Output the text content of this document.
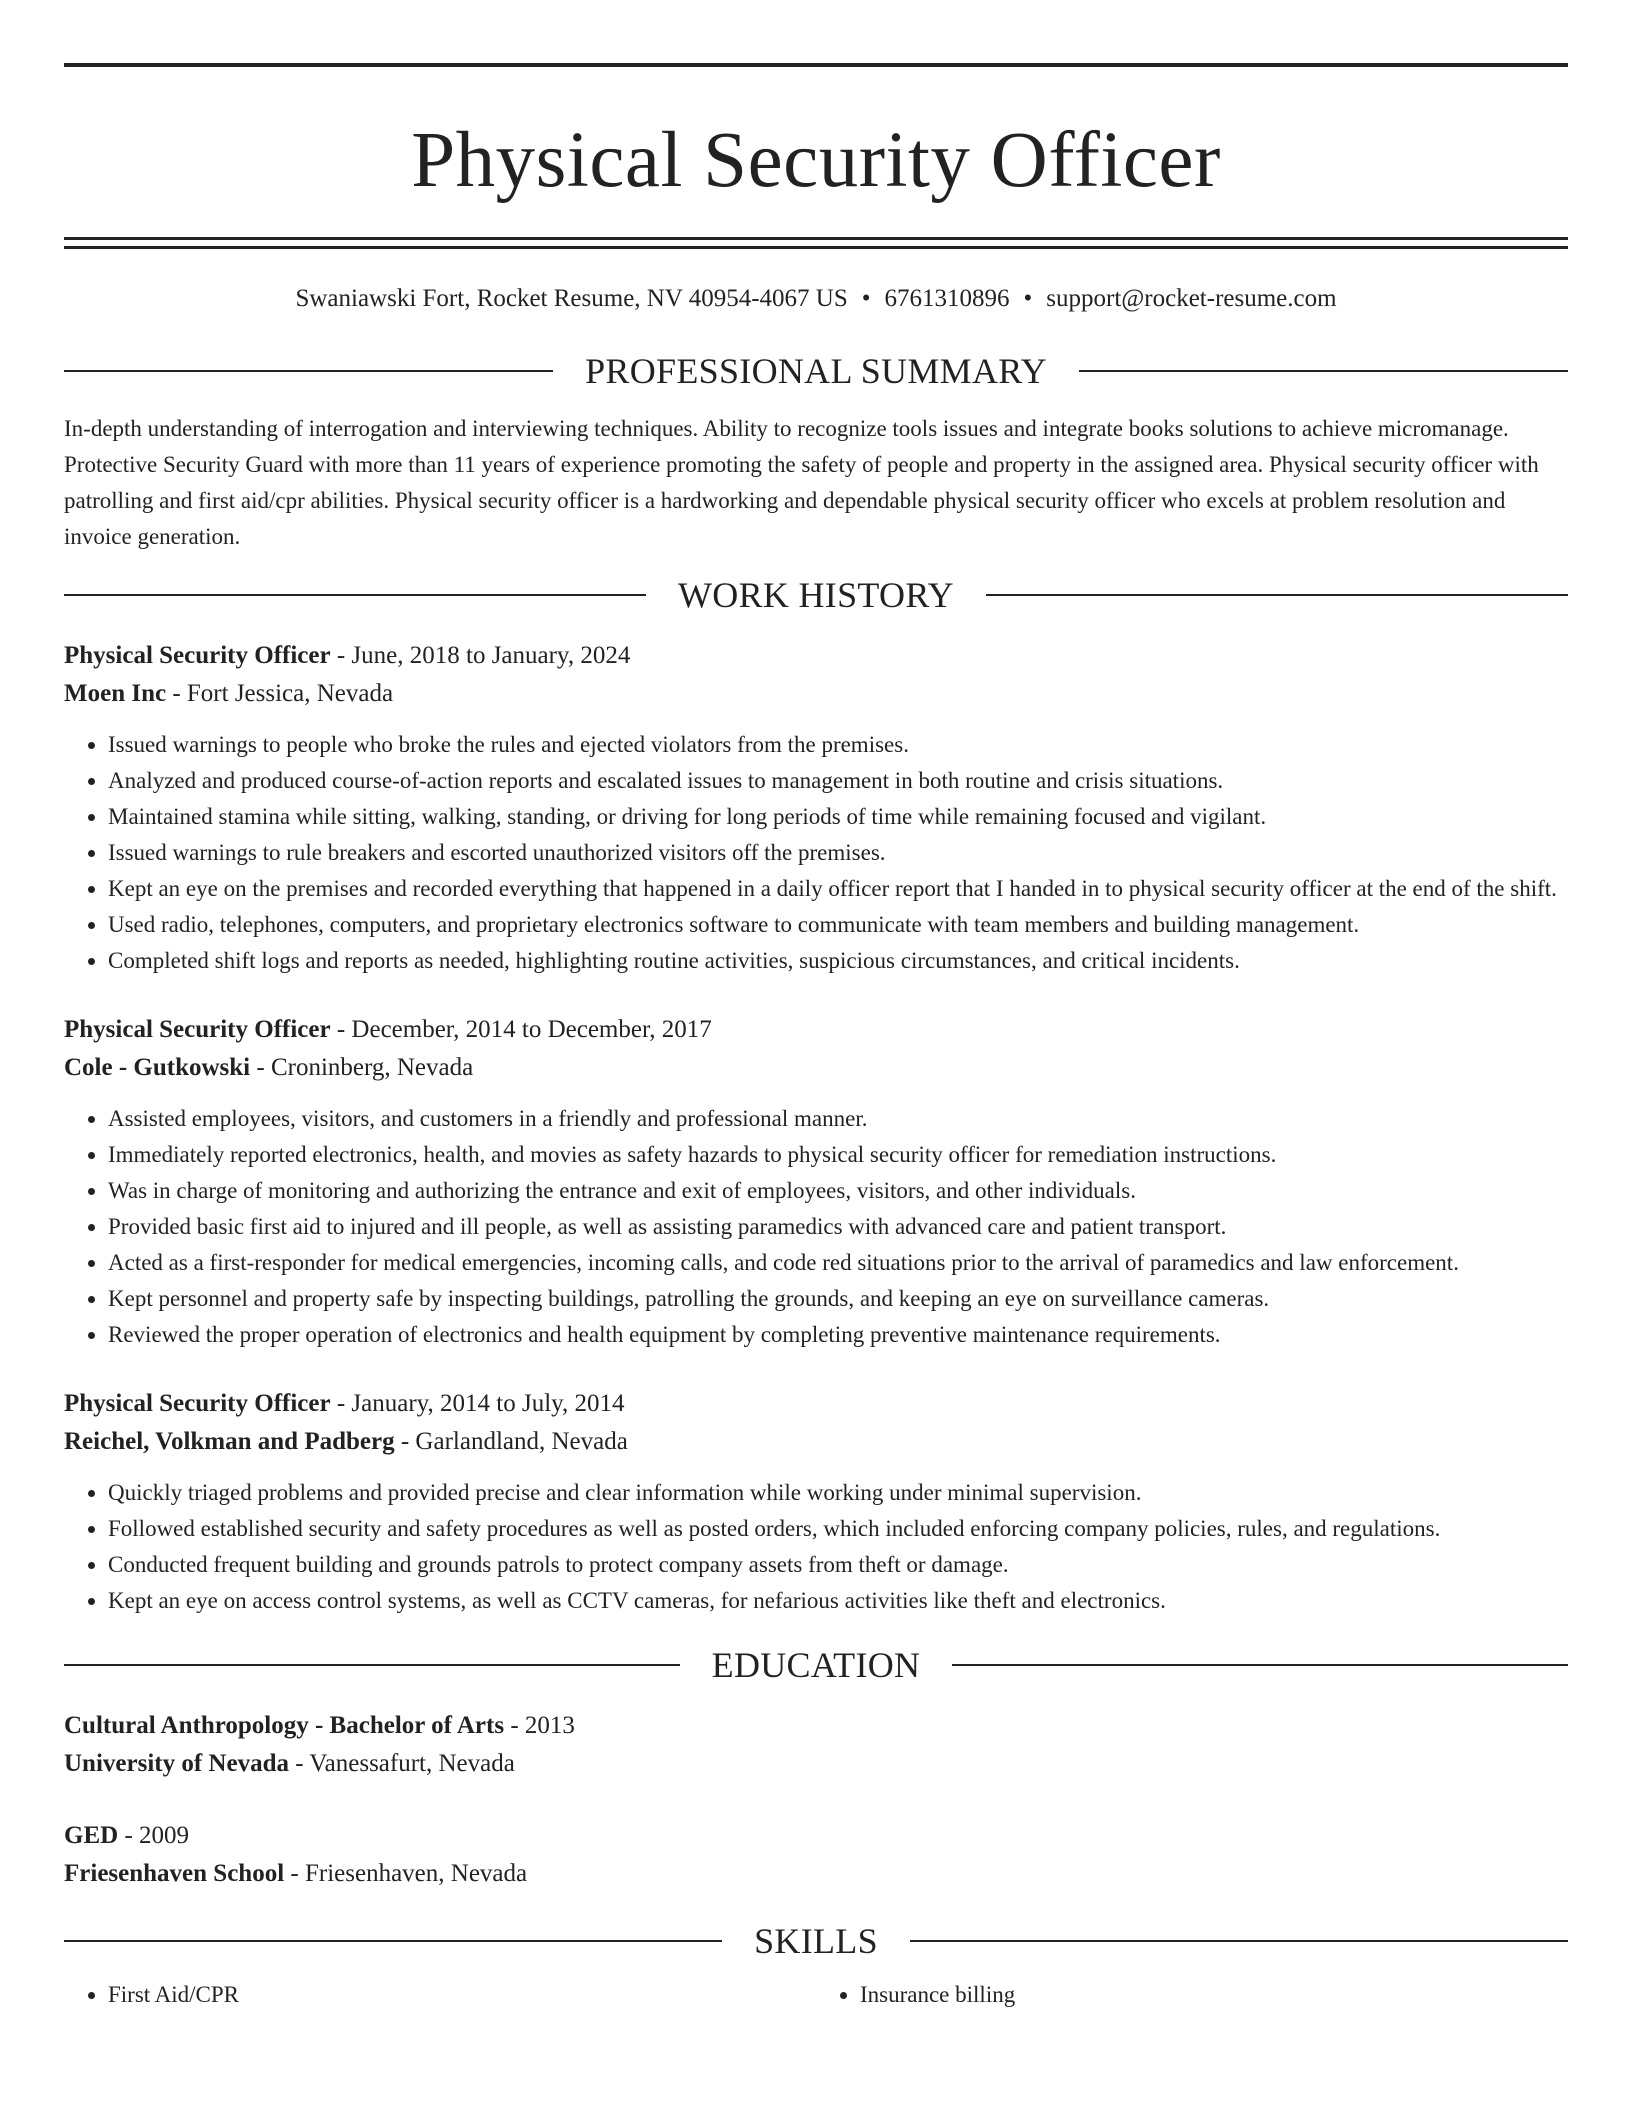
Physical Security Officer
Swaniawski Fort, Rocket Resume, NV 40954-4067 US • 6761310896 • support@rocket-resume.com
PROFESSIONAL SUMMARY
In-depth understanding of interrogation and interviewing techniques. Ability to recognize tools issues and integrate books solutions to achieve micromanage. Protective Security Guard with more than 11 years of experience promoting the safety of people and property in the assigned area. Physical security officer with patrolling and first aid/cpr abilities. Physical security officer is a hardworking and dependable physical security officer who excels at problem resolution and invoice generation.
WORK HISTORY
Physical Security Officer - June, 2018 to January, 2024
Moen Inc - Fort Jessica, Nevada
• Issued warnings to people who broke the rules and ejected violators from the premises.
• Analyzed and produced course-of-action reports and escalated issues to management in both routine and crisis situations.
• Maintained stamina while sitting, walking, standing, or driving for long periods of time while remaining focused and vigilant.
• Issued warnings to rule breakers and escorted unauthorized visitors off the premises.
• Kept an eye on the premises and recorded everything that happened in a daily officer report that I handed in to physical security officer at the end of the shift.
• Used radio, telephones, computers, and proprietary electronics software to communicate with team members and building management.
• Completed shift logs and reports as needed, highlighting routine activities, suspicious circumstances, and critical incidents.
Physical Security Officer - December, 2014 to December, 2017
Cole - Gutkowski - Croninberg, Nevada
• Assisted employees, visitors, and customers in a friendly and professional manner.
• Immediately reported electronics, health, and movies as safety hazards to physical security officer for remediation instructions.
• Was in charge of monitoring and authorizing the entrance and exit of employees, visitors, and other individuals.
• Provided basic first aid to injured and ill people, as well as assisting paramedics with advanced care and patient transport.
• Acted as a first-responder for medical emergencies, incoming calls, and code red situations prior to the arrival of paramedics and law enforcement.
• Kept personnel and property safe by inspecting buildings, patrolling the grounds, and keeping an eye on surveillance cameras.
• Reviewed the proper operation of electronics and health equipment by completing preventive maintenance requirements.
Physical Security Officer - January, 2014 to July, 2014
Reichel, Volkman and Padberg - Garlandland, Nevada
• Quickly triaged problems and provided precise and clear information while working under minimal supervision.
• Followed established security and safety procedures as well as posted orders, which included enforcing company policies, rules, and regulations.
• Conducted frequent building and grounds patrols to protect company assets from theft or damage.
• Kept an eye on access control systems, as well as CCTV cameras, for nefarious activities like theft and electronics.
EDUCATION
Cultural Anthropology - Bachelor of Arts - 2013
University of Nevada - Vanessafurt, Nevada
GED - 2009
Friesenhaven School - Friesenhaven, Nevada
SKILLS
• First Aid/CPR
•	Insurance billing
